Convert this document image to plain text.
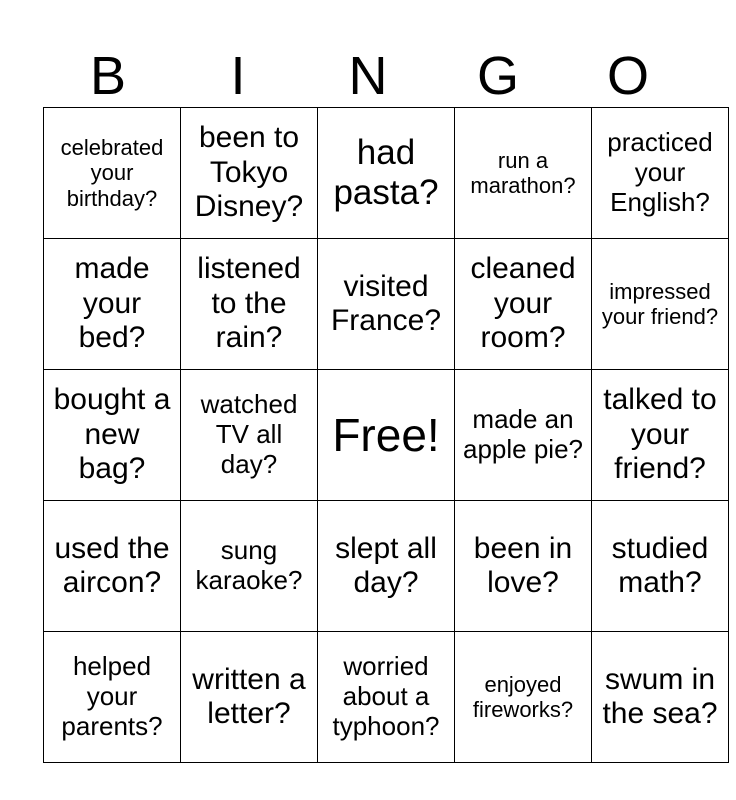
B	I	N	G	O
celebrated your birthday?	been to Tokyo Disney?	had pasta?	run a marathon?	practiced your English?
made your bed?	listened to the rain?	visited France?	cleaned your room?	impressed your friend?
bought a new bag?	watched TV all day?	Free!	made an apple pie?	talked to your friend?
used the aircon?	sung karaoke?	slept all day?	been in love?	studied math?
helped your parents?	written a letter?	worried about a typhoon?	enjoyed fireworks?	swum in the sea?
